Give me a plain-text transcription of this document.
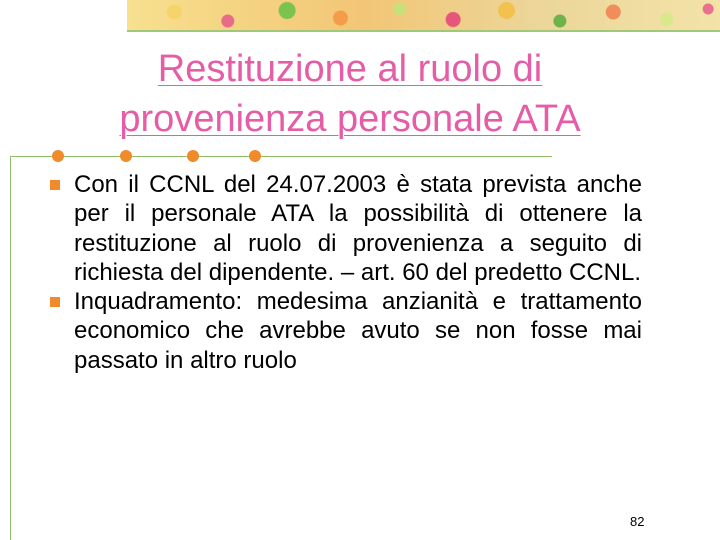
Restituzione al ruolo di
provenienza personale ATA
Con il CCNL del 24.07.2003 è stata prevista anche per il personale ATA la possibilità di ottenere la restituzione al ruolo di provenienza a seguito di richiesta del dipendente. – art. 60 del predetto CCNL.
Inquadramento: medesima anzianità e trattamento economico che avrebbe avuto se non fosse mai passato in altro ruolo
82
